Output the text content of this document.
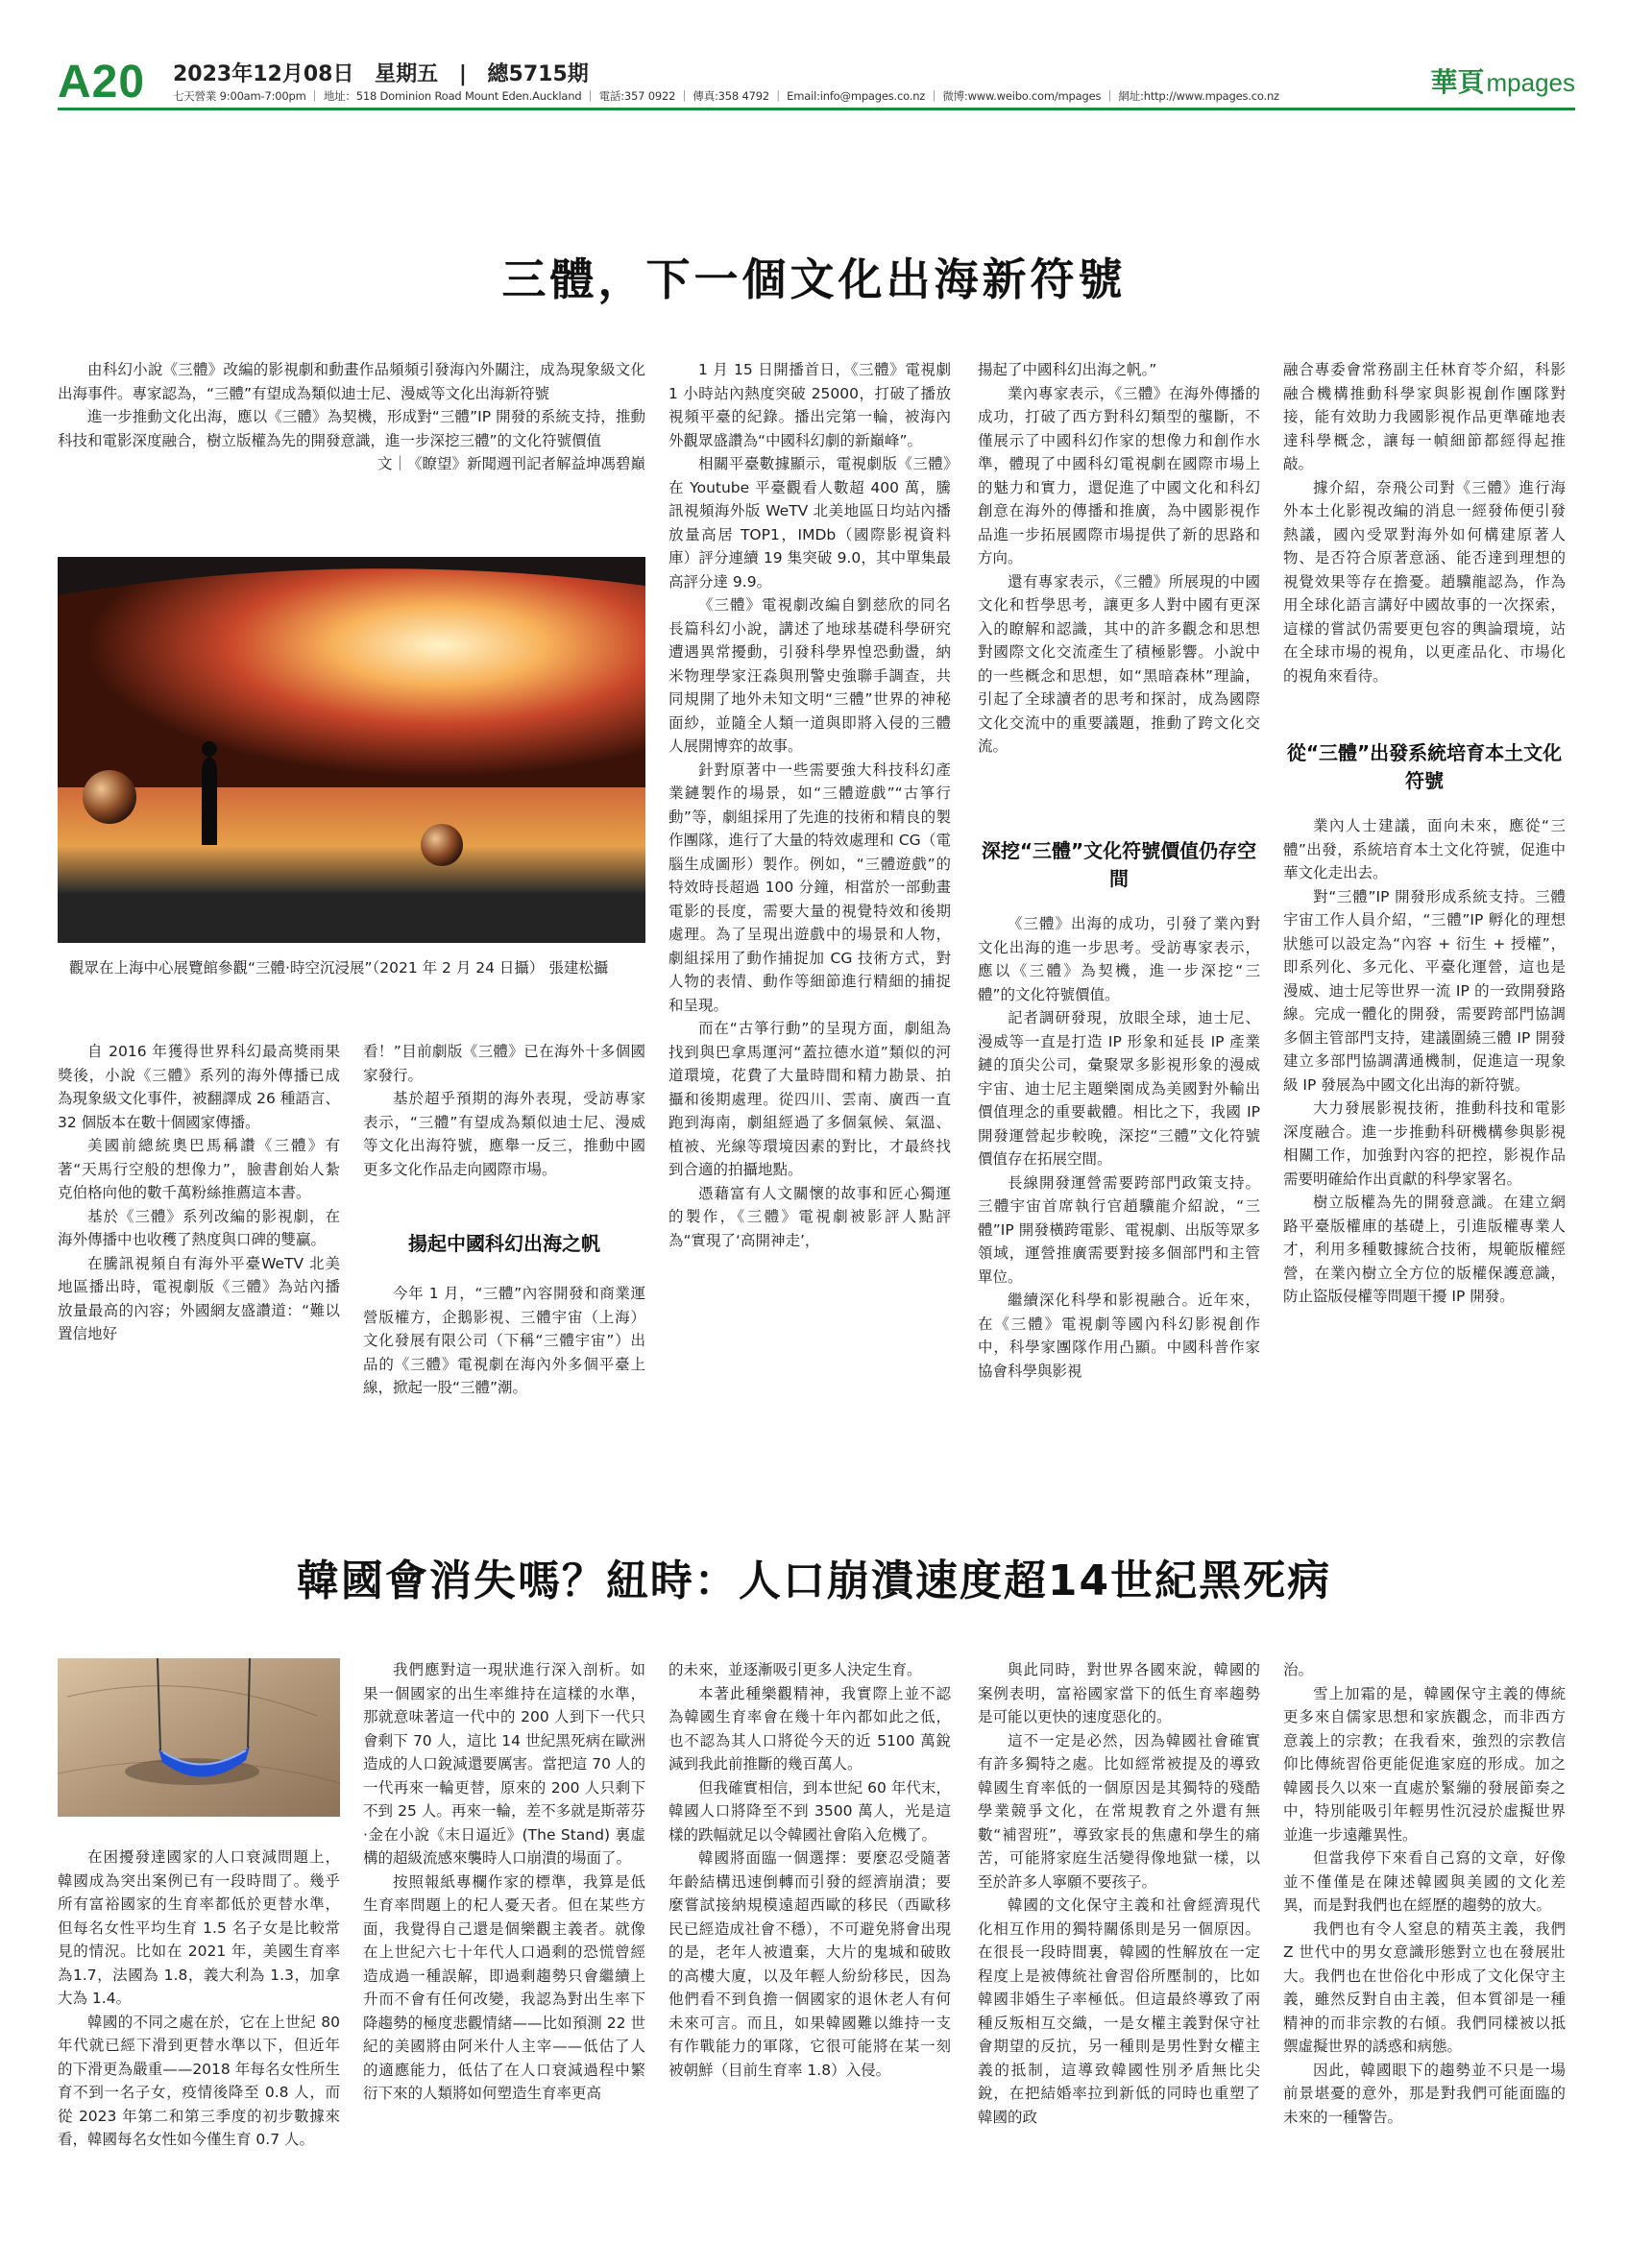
A20 2023年12月08日 星期五 | 總5715期
七天營業 9:00am-7:00pm ｜ 地址：518 Dominion Road Mount Eden.Auckland ｜ 電話:357 0922 ｜ 傳真:358 4792 ｜ Email:info@mpages.co.nz ｜ 微博:www.weibo.com/mpages ｜ 網址:http://www.mpages.co.nz	華頁mpages
三體，下一個文化出海新符號

由科幻小說《三體》改編的影視劇和動畫作品頻頻引發海內外關注，成為現象級文化出海事件。專家認為，“三體”有望成為類似迪士尼、漫威等文化出海新符號

進一步推動文化出海，應以《三體》為契機，形成對“三體”IP 開發的系統支持，推動科技和電影深度融合，樹立版權為先的開發意識，進一步深挖三體”的文化符號價值

文｜《瞭望》新聞週刊記者解益坤馮碧巔

觀眾在上海中心展覽館參觀“三體·時空沉浸展”（2021 年 2 月 24 日攝） 張建松攝

自 2016 年獲得世界科幻最高獎雨果獎後，小說《三體》系列的海外傳播已成為現象級文化事件，被翻譯成 26 種語言、32 個版本在數十個國家傳播。

美國前總統奧巴馬稱讚《三體》有著“天馬行空般的想像力”，臉書創始人紮克伯格向他的數千萬粉絲推薦這本書。

基於《三體》系列改編的影視劇，在海外傳播中也收穫了熱度與口碑的雙贏。

在騰訊視頻自有海外平臺WeTV 北美地區播出時，電視劇版《三體》為站內播放量最高的內容；外國網友盛讚道：“難以置信地好

看！”目前劇版《三體》已在海外十多個國家發行。

基於超乎預期的海外表現，受訪專家表示，“三體”有望成為類似迪士尼、漫威等文化出海符號，應舉一反三，推動中國更多文化作品走向國際市場。

揚起中國科幻出海之帆

今年 1 月，“三體”內容開發和商業運營版權方，企鵝影視、三體宇宙（上海）文化發展有限公司（下稱“三體宇宙”）出品的《三體》電視劇在海內外多個平臺上線，掀起一股“三體”潮。

1 月 15 日開播首日，《三體》電視劇 1 小時站內熱度突破 25000，打破了播放視頻平臺的紀錄。播出完第一輪，被海內外觀眾盛讚為“中國科幻劇的新巔峰”。

相關平臺數據顯示，電視劇版《三體》在 Youtube 平臺觀看人數超 400 萬，騰訊視頻海外版 WeTV 北美地區日均站內播放量高居 TOP1，IMDb（國際影視資料庫）評分連續 19 集突破 9.0，其中單集最高評分達 9.9。

《三體》電視劇改編自劉慈欣的同名長篇科幻小說，講述了地球基礎科學研究遭遇異常擾動，引發科學界惶恐動盪，納米物理學家汪淼與刑警史強聯手調查，共同規開了地外未知文明“三體”世界的神秘面紗，並隨全人類一道與即將入侵的三體人展開博弈的故事。

針對原著中一些需要強大科技科幻產業鏈製作的場景，如“三體遊戲”“古箏行動”等，劇組採用了先進的技術和精良的製作團隊，進行了大量的特效處理和 CG（電腦生成圖形）製作。例如，“三體遊戲”的特效時長超過 100 分鐘，相當於一部動畫電影的長度，需要大量的視覺特效和後期處理。為了呈現出遊戲中的場景和人物，劇組採用了動作捕捉加 CG 技術方式，對人物的表情、動作等細節進行精細的捕捉和呈現。

而在“古箏行動”的呈現方面，劇組為找到與巴拿馬運河“蓋拉德水道”類似的河道環境，花費了大量時間和精力勘景、拍攝和後期處理。從四川、雲南、廣西一直跑到海南，劇組經過了多個氣候、氣溫、植被、光線等環境因素的對比，才最終找到合適的拍攝地點。

憑藉富有人文關懷的故事和匠心獨運的製作，《三體》電視劇被影評人點評為“實現了‘高開神走’，

揚起了中國科幻出海之帆。”

業內專家表示，《三體》在海外傳播的成功，打破了西方對科幻類型的壟斷，不僅展示了中國科幻作家的想像力和創作水準，體現了中國科幻電視劇在國際市場上的魅力和實力，還促進了中國文化和科幻創意在海外的傳播和推廣，為中國影視作品進一步拓展國際市場提供了新的思路和方向。

還有專家表示，《三體》所展現的中國文化和哲學思考，讓更多人對中國有更深入的瞭解和認識，其中的許多觀念和思想對國際文化交流產生了積極影響。小說中的一些概念和思想，如“黑暗森林”理論，引起了全球讀者的思考和探討，成為國際文化交流中的重要議題，推動了跨文化交流。

深挖“三體”文化符號價值仍存空間

《三體》出海的成功，引發了業內對文化出海的進一步思考。受訪專家表示，應以《三體》為契機，進一步深挖“三體”的文化符號價值。

記者調研發現，放眼全球，迪士尼、漫威等一直是打造 IP 形象和延長 IP 產業鏈的頂尖公司，彙聚眾多影視形象的漫威宇宙、迪士尼主題樂園成為美國對外輸出價值理念的重要載體。相比之下，我國 IP 開發運營起步較晚，深挖“三體”文化符號價值存在拓展空間。

長線開發運營需要跨部門政策支持。三體宇宙首席執行官趙驥龍介紹說，“三體”IP 開發橫跨電影、電視劇、出版等眾多領域，運營推廣需要對接多個部門和主管單位。

繼續深化科學和影視融合。近年來，在《三體》電視劇等國內科幻影視創作中，科學家團隊作用凸顯。中國科普作家協會科學與影視

融合專委會常務副主任林育苓介紹，科影融合機構推動科學家與影視創作團隊對接，能有效助力我國影視作品更準確地表達科學概念，讓每一幀細節都經得起推敲。

據介紹，奈飛公司對《三體》進行海外本土化影視改編的消息一經發佈便引發熱議，國內受眾對海外如何構建原著人物、是否符合原著意涵、能否達到理想的視覺效果等存在擔憂。趙驥龍認為，作為用全球化語言講好中國故事的一次探索，這樣的嘗試仍需要更包容的輿論環境，站在全球市場的視角，以更產品化、市場化的視角來看待。

從“三體”出發系統培育本土文化符號

業內人士建議，面向未來，應從“三體”出發，系統培育本土文化符號，促進中華文化走出去。

對“三體”IP 開發形成系統支持。三體宇宙工作人員介紹，“三體”IP 孵化的理想狀態可以設定為“內容 + 衍生 + 授權”，即系列化、多元化、平臺化運營，這也是漫威、迪士尼等世界一流 IP 的一致開發路線。完成一體化的開發，需要跨部門協調多個主管部門支持，建議圍繞三體 IP 開發建立多部門協調溝通機制，促進這一現象級 IP 發展為中國文化出海的新符號。

大力發展影視技術，推動科技和電影深度融合。進一步推動科研機構參與影視相關工作，加強對內容的把控，影視作品需要明確給作出貢獻的科學家署名。

樹立版權為先的開發意識。在建立網路平臺版權庫的基礎上，引進版權專業人才，利用多種數據統合技術，規範版權經營，在業內樹立全方位的版權保護意識，防止盜版侵權等問題干擾 IP 開發。

韓國會消失嗎？紐時：人口崩潰速度超14世紀黑死病

在困擾發達國家的人口衰減問題上，韓國成為突出案例已有一段時間了。幾乎所有富裕國家的生育率都低於更替水準，但每名女性平均生育 1.5 名子女是比較常見的情況。比如在 2021 年，美國生育率為1.7，法國為 1.8，義大利為 1.3，加拿大為 1.4。

韓國的不同之處在於，它在上世紀 80 年代就已經下滑到更替水準以下，但近年的下滑更為嚴重——2018 年每名女性所生育不到一名子女，疫情後降至 0.8 人，而從 2023 年第二和第三季度的初步數據來看，韓國每名女性如今僅生育 0.7 人。

我們應對這一現狀進行深入剖析。如果一個國家的出生率維持在這樣的水準，那就意味著這一代中的 200 人到下一代只會剩下 70 人，這比 14 世紀黑死病在歐洲造成的人口銳減還要厲害。當把這 70 人的一代再來一輪更替，原來的 200 人只剩下不到 25 人。再來一輪，差不多就是斯蒂芬·金在小說《末日逼近》(The Stand) 裏虛構的超級流感來襲時人口崩潰的場面了。

按照報紙專欄作家的標準，我算是低生育率問題上的杞人憂天者。但在某些方面，我覺得自己還是個樂觀主義者。就像在上世紀六七十年代人口過剩的恐慌曾經造成過一種誤解，即過剩趨勢只會繼續上升而不會有任何改變，我認為對出生率下降趨勢的極度悲觀情緒——比如預測 22 世紀的美國將由阿米什人主宰——低估了人的適應能力，低估了在人口衰減過程中繁衍下來的人類將如何塑造生育率更高

的未來，並逐漸吸引更多人決定生育。

本著此種樂觀精神，我實際上並不認為韓國生育率會在幾十年內都如此之低，也不認為其人口將從今天的近 5100 萬銳減到我此前推斷的幾百萬人。

但我確實相信，到本世紀 60 年代末，韓國人口將降至不到 3500 萬人，光是這樣的跌幅就足以令韓國社會陷入危機了。

韓國將面臨一個選擇：要麼忍受隨著年齡結構迅速倒轉而引發的經濟崩潰；要麼嘗試接納規模遠超西歐的移民（西歐移民已經造成社會不穩），不可避免將會出現的是，老年人被遺棄，大片的鬼城和破敗的高樓大廈，以及年輕人紛紛移民，因為他們看不到負擔一個國家的退休老人有何未來可言。而且，如果韓國難以維持一支有作戰能力的軍隊，它很可能將在某一刻被朝鮮（目前生育率 1.8）入侵。

與此同時，對世界各國來說，韓國的案例表明，富裕國家當下的低生育率趨勢是可能以更快的速度惡化的。

這不一定是必然，因為韓國社會確實有許多獨特之處。比如經常被提及的導致韓國生育率低的一個原因是其獨特的殘酷學業競爭文化，在常規教育之外還有無數“補習班”，導致家長的焦慮和學生的痛苦，可能將家庭生活變得像地獄一樣，以至於許多人寧願不要孩子。

韓國的文化保守主義和社會經濟現代化相互作用的獨特關係則是另一個原因。在很長一段時間裏，韓國的性解放在一定程度上是被傳統社會習俗所壓制的，比如韓國非婚生子率極低。但這最終導致了兩種反叛相互交織，一是女權主義對保守社會期望的反抗，另一種則是男性對女權主義的抵制，這導致韓國性別矛盾無比尖銳，在把結婚率拉到新低的同時也重塑了韓國的政

治。

雪上加霜的是，韓國保守主義的傳統更多來自儒家思想和家族觀念，而非西方意義上的宗教；在我看來，強烈的宗教信仰比傳統習俗更能促進家庭的形成。加之韓國長久以來一直處於緊繃的發展節奏之中，特別能吸引年輕男性沉浸於虛擬世界並進一步遠離異性。

但當我停下來看自己寫的文章，好像並不僅僅是在陳述韓國與美國的文化差異，而是對我們也在經歷的趨勢的放大。

我們也有令人窒息的精英主義，我們 Z 世代中的男女意識形態對立也在發展壯大。我們也在世俗化中形成了文化保守主義，雖然反對自由主義，但本質卻是一種精神的而非宗教的右傾。我們同樣被以抵禦虛擬世界的誘惑和病態。

因此，韓國眼下的趨勢並不只是一場前景堪憂的意外，那是對我們可能面臨的未來的一種警告。
